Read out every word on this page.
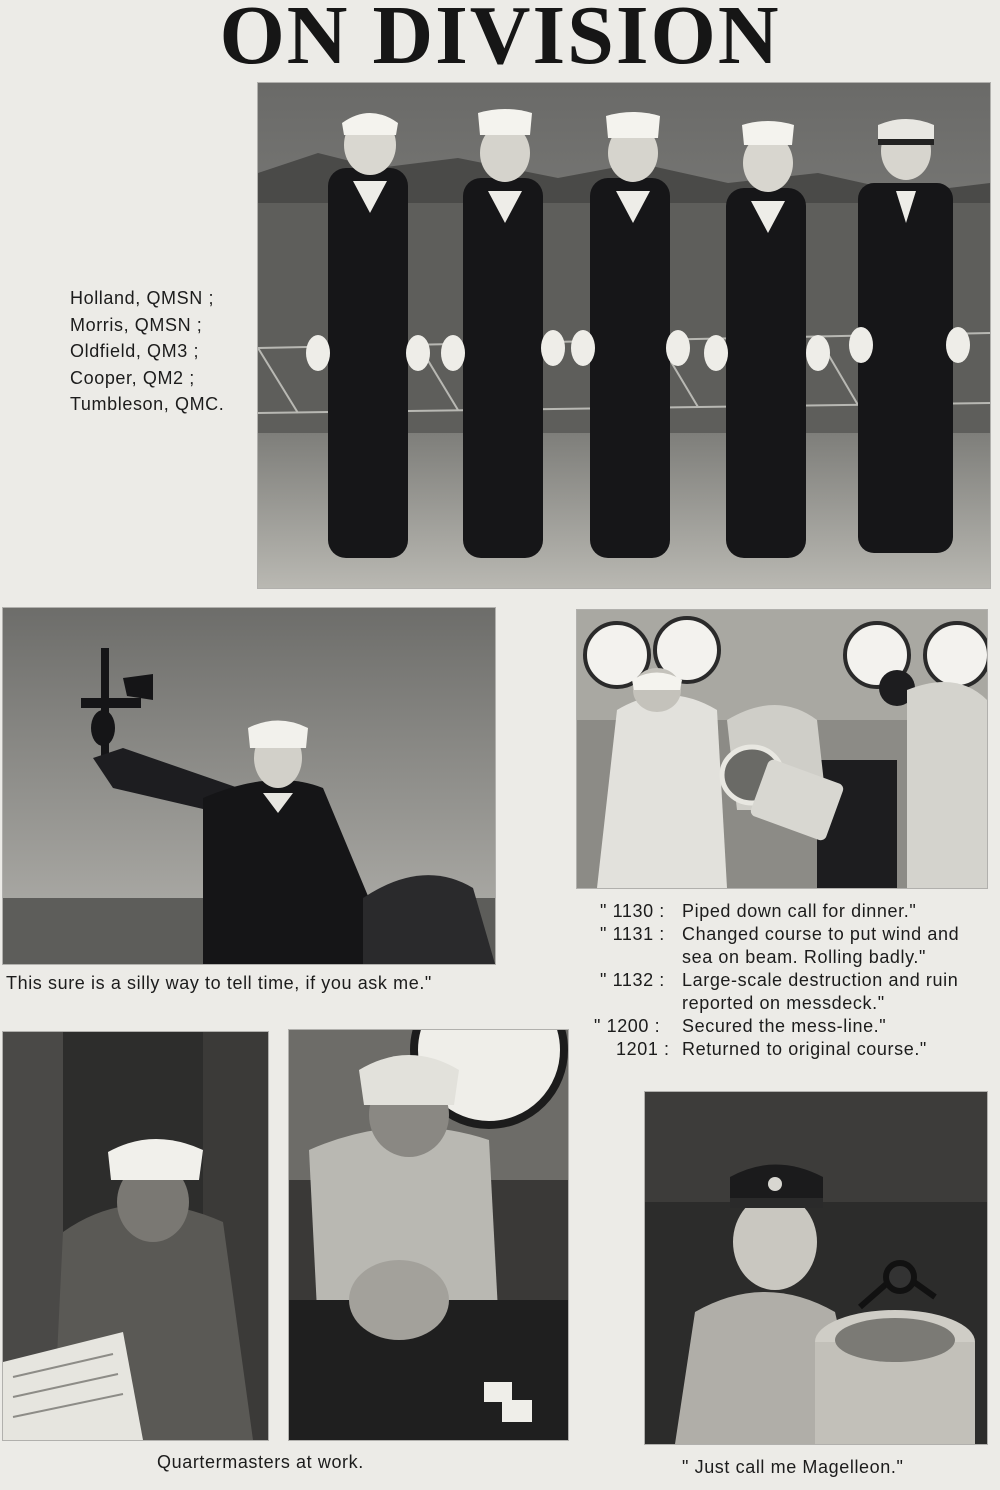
ON DIVISION
Holland, QMSN ;
Morris, QMSN ;
Oldfield, QM3 ;
Cooper, QM2 ;
Tumbleson, QMC.
This sure is a silly way to tell time, if you ask me."
" 1130 : Piped down call for dinner."
" 1131 : Changed course to put wind and
sea on beam. Rolling badly."
" 1132 : Large-scale destruction and ruin
reported on messdeck."
" 1200 : Secured the mess-line."
1201 : Returned to original course."
Quartermasters at work.	" Just call me Magelleon."
